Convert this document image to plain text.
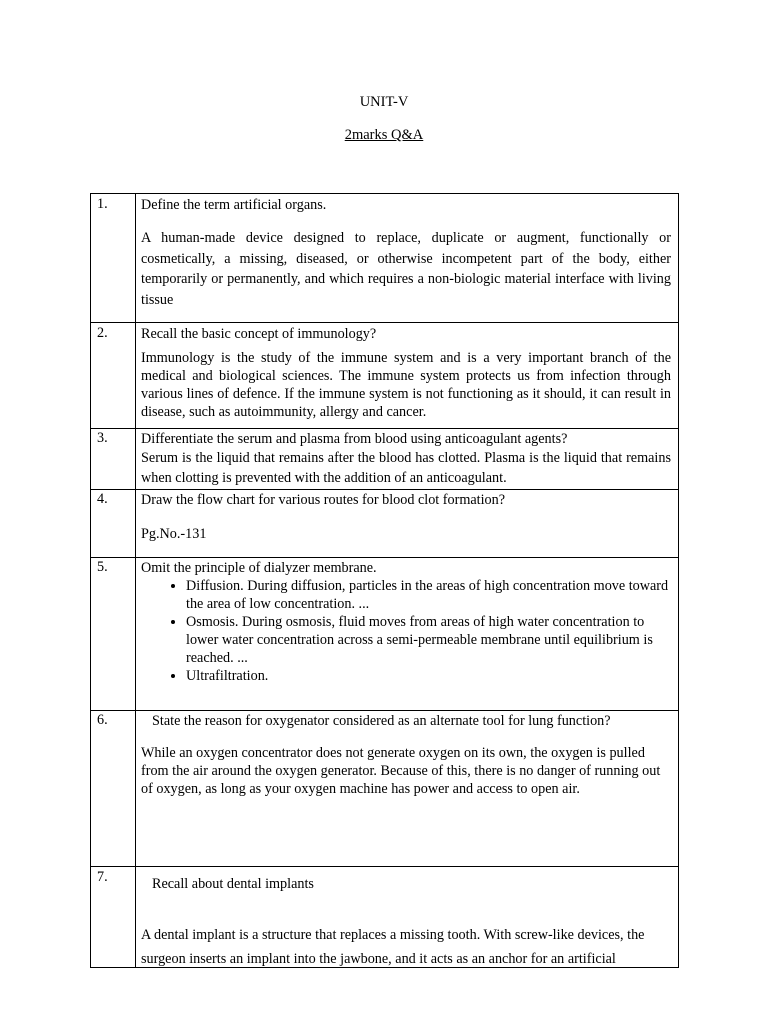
UNIT-V
2marks Q&A
1. Define the term artificial organs.

A human-made device designed to replace, duplicate or augment, functionally or cosmetically, a missing, diseased, or otherwise incompetent part of the body, either temporarily or permanently, and which requires a non-biologic material interface with living tissue

2. Recall the basic concept of immunology?

Immunology is the study of the immune system and is a very important branch of the medical and biological sciences. The immune system protects us from infection through various lines of defence. If the immune system is not functioning as it should, it can result in disease, such as autoimmunity, allergy and cancer.

3. Differentiate the serum and plasma from blood using anticoagulant agents?

Serum is the liquid that remains after the blood has clotted. Plasma is the liquid that remains when clotting is prevented with the addition of an anticoagulant.

4. Draw the flow chart for various routes for blood clot formation?

Pg.No.-131

5. Omit the principle of dialyzer membrane.

• Diffusion. During diffusion, particles in the areas of high concentration move toward the area of low concentration. ...
• Osmosis. During osmosis, fluid moves from areas of high water concentration to lower water concentration across a semi-permeable membrane until equilibrium is reached. ...
• Ultrafiltration.
6.	State the reason for oxygenator considered as an alternate tool for lung function?

While an oxygen concentrator does not generate oxygen on its own, the oxygen is pulled from the air around the oxygen generator. Because of this, there is no danger of running out of oxygen, as long as your oxygen machine has power and access to open air.

7.	Recall about dental implants

A dental implant is a structure that replaces a missing tooth. With screw-like devices, the surgeon inserts an implant into the jawbone, and it acts as an anchor for an artificial
